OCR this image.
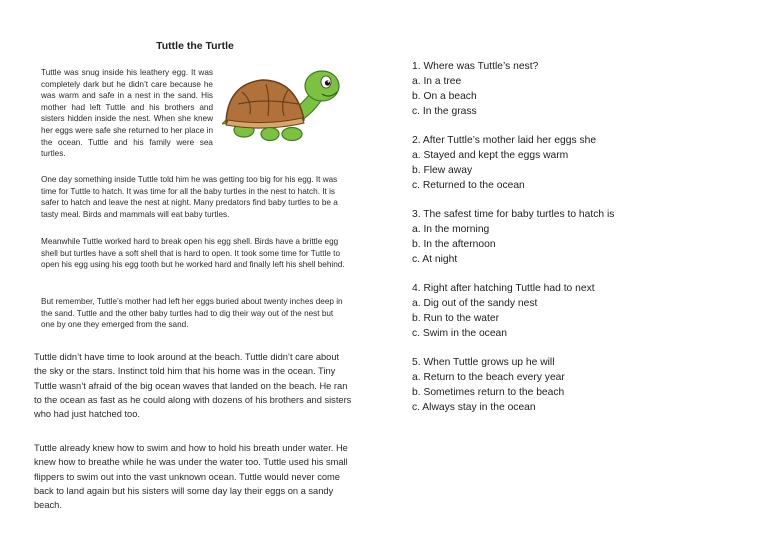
Tuttle the Turtle

Tuttle was snug inside his leathery egg. It was completely dark but he didn’t care because he was warm and safe in a nest in the sand. His mother had left Tuttle and his brothers and sisters hidden inside the nest. When she knew her eggs were safe she returned to her place in the ocean. Tuttle and his family were sea turtles.

One day something inside Tuttle told him he was getting too big for his egg. It was time for Tuttle to hatch. It was time for all the baby turtles in the nest to hatch. It is safer to hatch and leave the nest at night. Many predators find baby turtles to be a tasty meal. Birds and mammals will eat baby turtles.

Meanwhile Tuttle worked hard to break open his egg shell. Birds have a brittle egg shell but turtles have a soft shell that is hard to open. It took some time for Tuttle to open his egg using his egg tooth but he worked hard and finally left his shell behind.

But remember, Tuttle’s mother had left her eggs buried about twenty inches deep in the sand. Tuttle and the other baby turtles had to dig their way out of the nest but one by one they emerged from the sand.

Tuttle didn’t have time to look around at the beach. Tuttle didn’t care about the sky or the stars. Instinct told him that his home was in the ocean. Tiny Tuttle wasn’t afraid of the big ocean waves that landed on the beach. He ran to the ocean as fast as he could along with dozens of his brothers and sisters who had just hatched too.

Tuttle already knew how to swim and how to hold his breath under water. He knew how to breathe while he was under the water too. Tuttle used his small flippers to swim out into the vast unknown ocean. Tuttle would never come back to land again but his sisters will some day lay their eggs on a sandy beach.

1. Where was Tuttle’s nest?
a. In a tree
b. On a beach
c. In the grass
2. After Tuttle’s mother laid her eggs she
a. Stayed and kept the eggs warm
b. Flew away
c. Returned to the ocean
3. The safest time for baby turtles to hatch is
a. In the morning
b. In the afternoon
c. At night
4. Right after hatching Tuttle had to next
a. Dig out of the sandy nest
b. Run to the water
c. Swim in the ocean
5. When Tuttle grows up he will
a. Return to the beach every year
b. Sometimes return to the beach
c. Always stay in the ocean
